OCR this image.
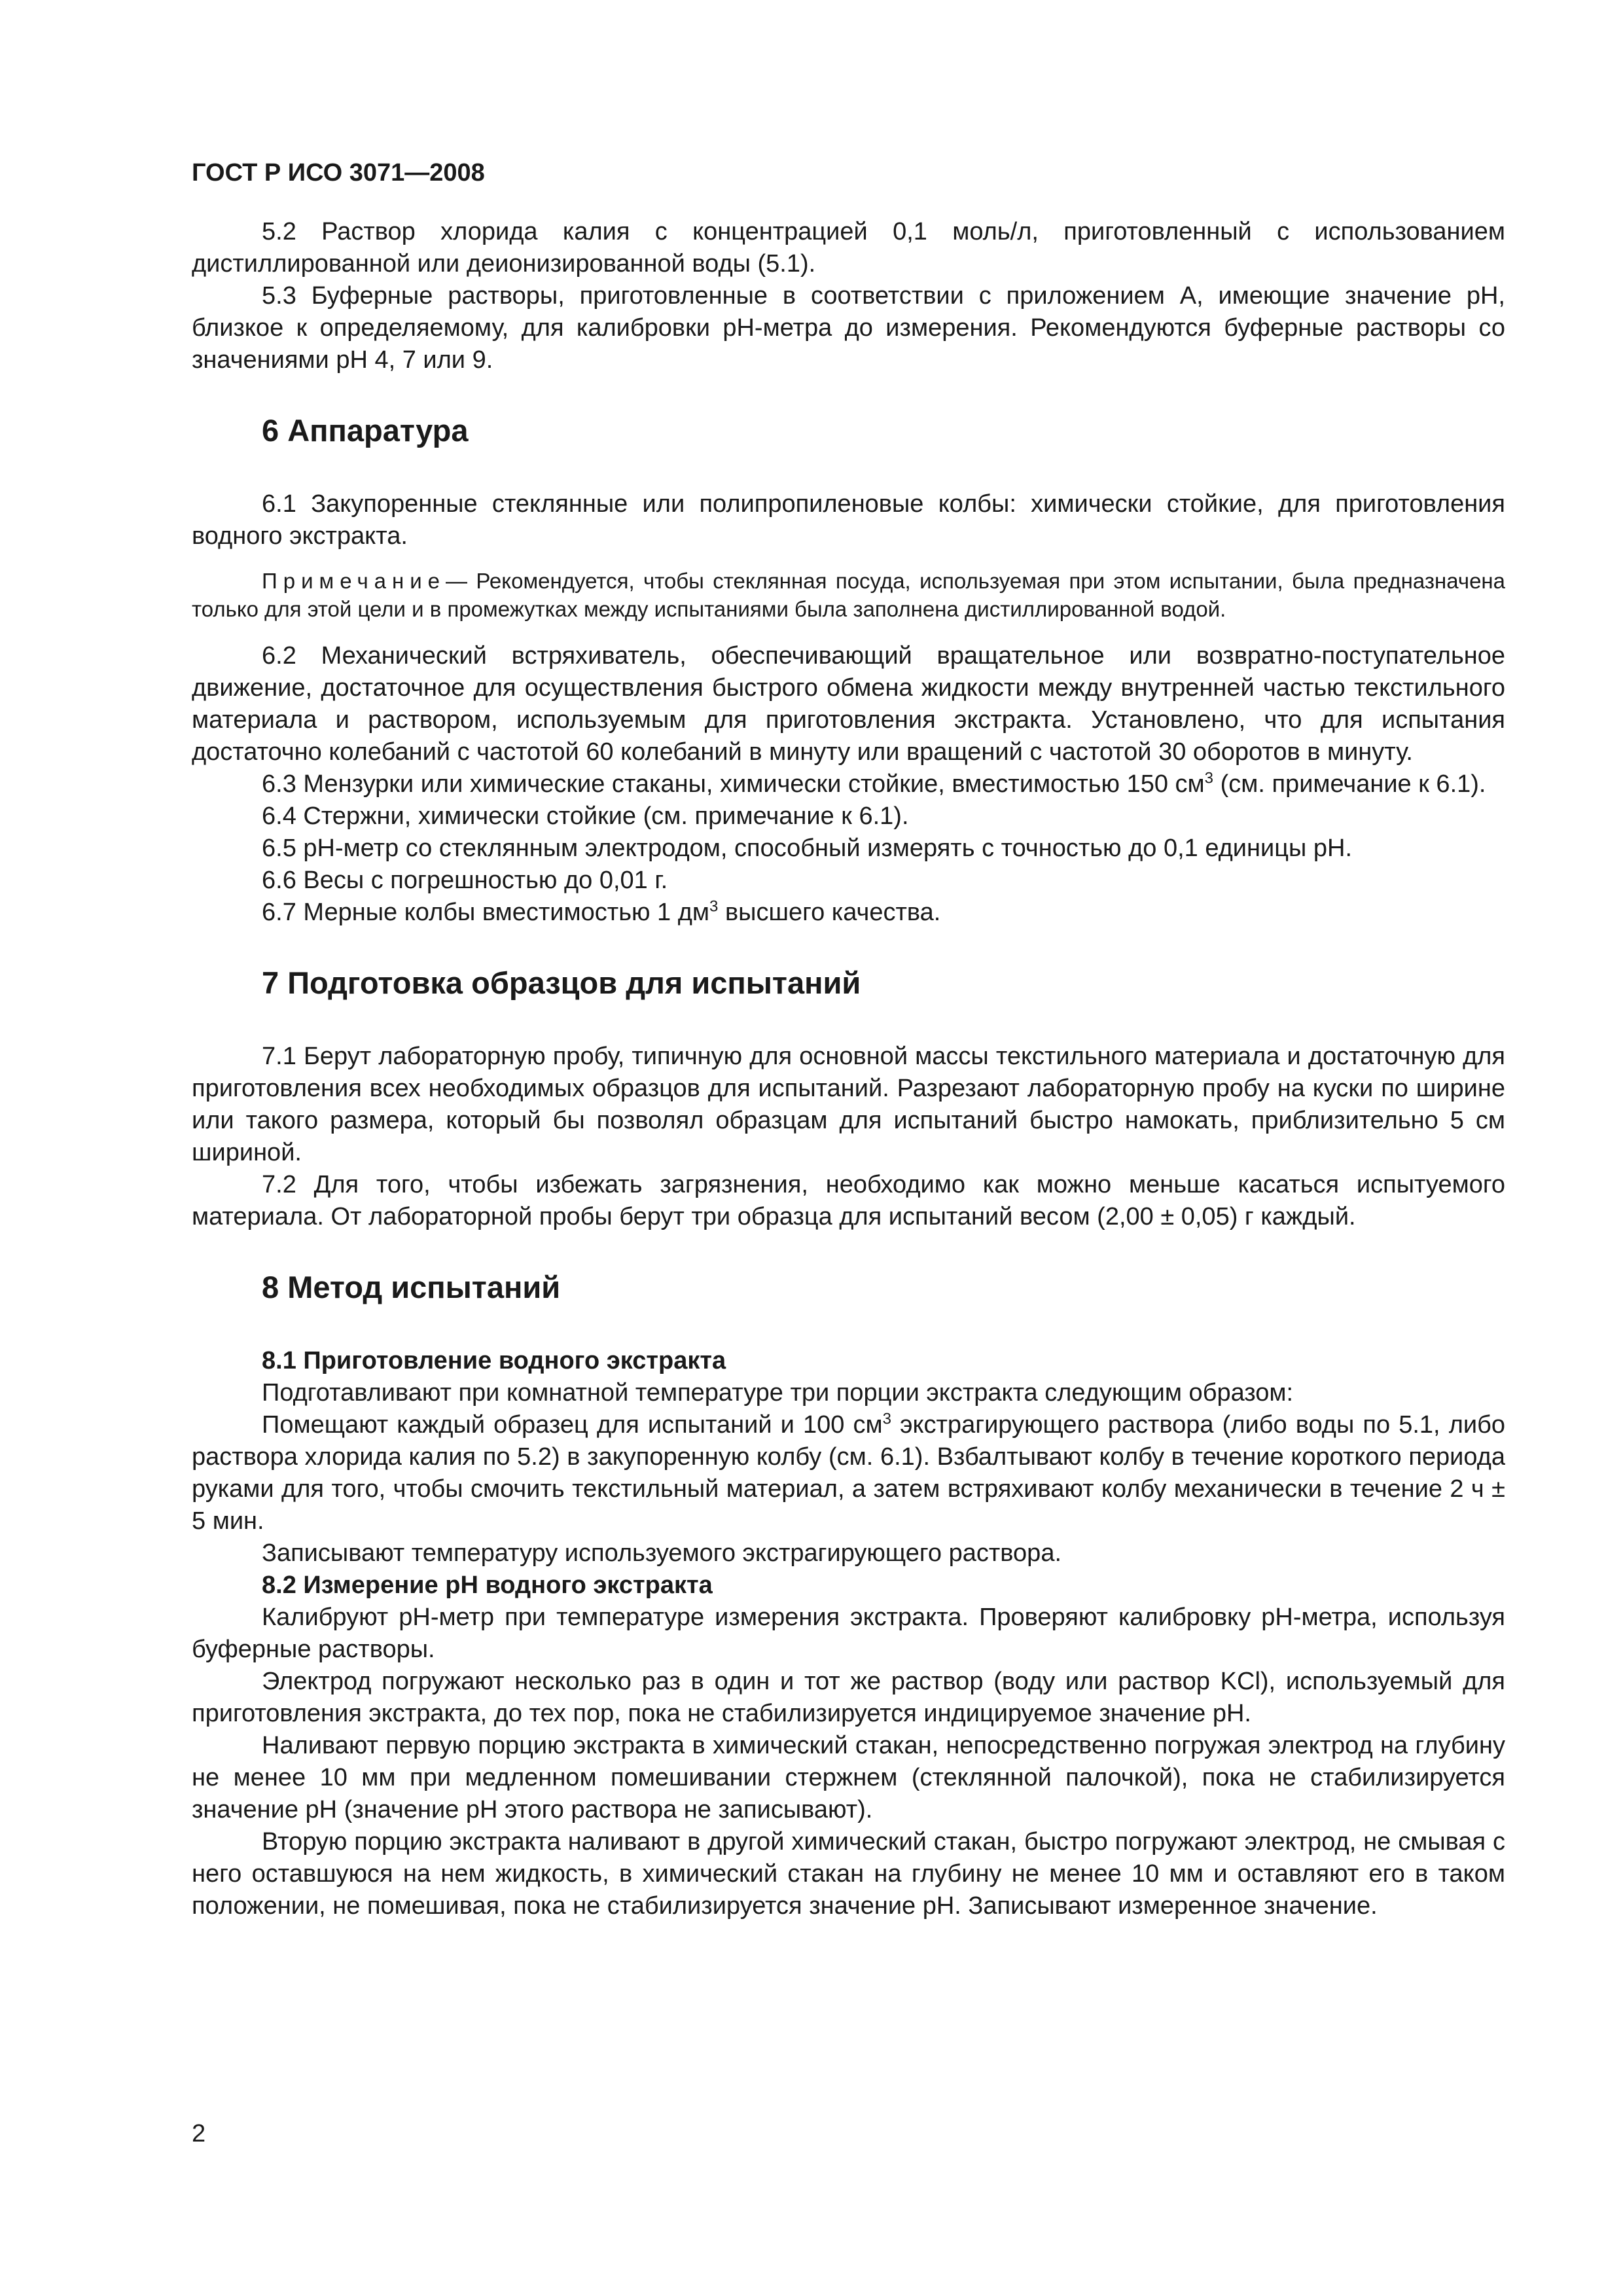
ГОСТ Р ИСО 3071—2008

5.2 Раствор хлорида калия с концентрацией 0,1 моль/л, приготовленный с использованием дистиллированной или деионизированной воды (5.1).

5.3 Буферные растворы, приготовленные в соответствии с приложением А, имеющие значение pH, близкое к определяемому, для калибровки pH-метра до измерения. Рекомендуются буферные растворы со значениями pH 4, 7 или 9.

6 Аппаратура

6.1 Закупоренные стеклянные или полипропиленовые колбы: химически стойкие, для приготовления водного экстракта.

Примечание— Рекомендуется, чтобы стеклянная посуда, используемая при этом испытании, была предназначена только для этой цели и в промежутках между испытаниями была заполнена дистиллированной водой.

6.2 Механический встряхиватель, обеспечивающий вращательное или возвратно-поступательное движение, достаточное для осуществления быстрого обмена жидкости между внутренней частью текстильного материала и раствором, используемым для приготовления экстракта. Установлено, что для испытания достаточно колебаний с частотой 60 колебаний в минуту или вращений с частотой 30 оборотов в минуту.

6.3 Мензурки или химические стаканы, химически стойкие, вместимостью 150 $см^3$ (см. примечание к 6.1).

6.4 Стержни, химически стойкие (см. примечание к 6.1).

6.5 pH-метр со стеклянным электродом, способный измерять с точностью до 0,1 единицы pH.

6.6 Весы с погрешностью до 0,01 г.

6.7 Мерные колбы вместимостью 1 $дм^3$ высшего качества.

7 Подготовка образцов для испытаний

7.1 Берут лабораторную пробу, типичную для основной массы текстильного материала и достаточную для приготовления всех необходимых образцов для испытаний. Разрезают лабораторную пробу на куски по ширине или такого размера, который бы позволял образцам для испытаний быстро намокать, приблизительно 5 см шириной.

7.2 Для того, чтобы избежать загрязнения, необходимо как можно меньше касаться испытуемого материала. От лабораторной пробы берут три образца для испытаний весом (2,00 ± 0,05) г каждый.

8 Метод испытаний
8.1 Приготовление водного экстракта

Подготавливают при комнатной температуре три порции экстракта следующим образом:

Помещают каждый образец для испытаний и 100 $см^3$ экстрагирующего раствора (либо воды по 5.1, либо раствора хлорида калия по 5.2) в закупоренную колбу (см. 6.1). Взбалтывают колбу в течение короткого периода руками для того, чтобы смочить текстильный материал, а затем встряхивают колбу механически в течение 2 ч ± 5 мин.

Записывают температуру используемого экстрагирующего раствора.

8.2 Измерение pH водного экстракта

Калибруют pH-метр при температуре измерения экстракта. Проверяют калибровку pH-метра, используя буферные растворы.

Электрод погружают несколько раз в один и тот же раствор (воду или раствор KCl), используемый для приготовления экстракта, до тех пор, пока не стабилизируется индицируемое значение pH.

Наливают первую порцию экстракта в химический стакан, непосредственно погружая электрод на глубину не менее 10 мм при медленном помешивании стержнем (стеклянной палочкой), пока не стабилизируется значение pH (значение pH этого раствора не записывают).

Вторую порцию экстракта наливают в другой химический стакан, быстро погружают электрод, не смывая с него оставшуюся на нем жидкость, в химический стакан на глубину не менее 10 мм и оставляют его в таком положении, не помешивая, пока не стабилизируется значение pH. Записывают измеренное значение.

2
